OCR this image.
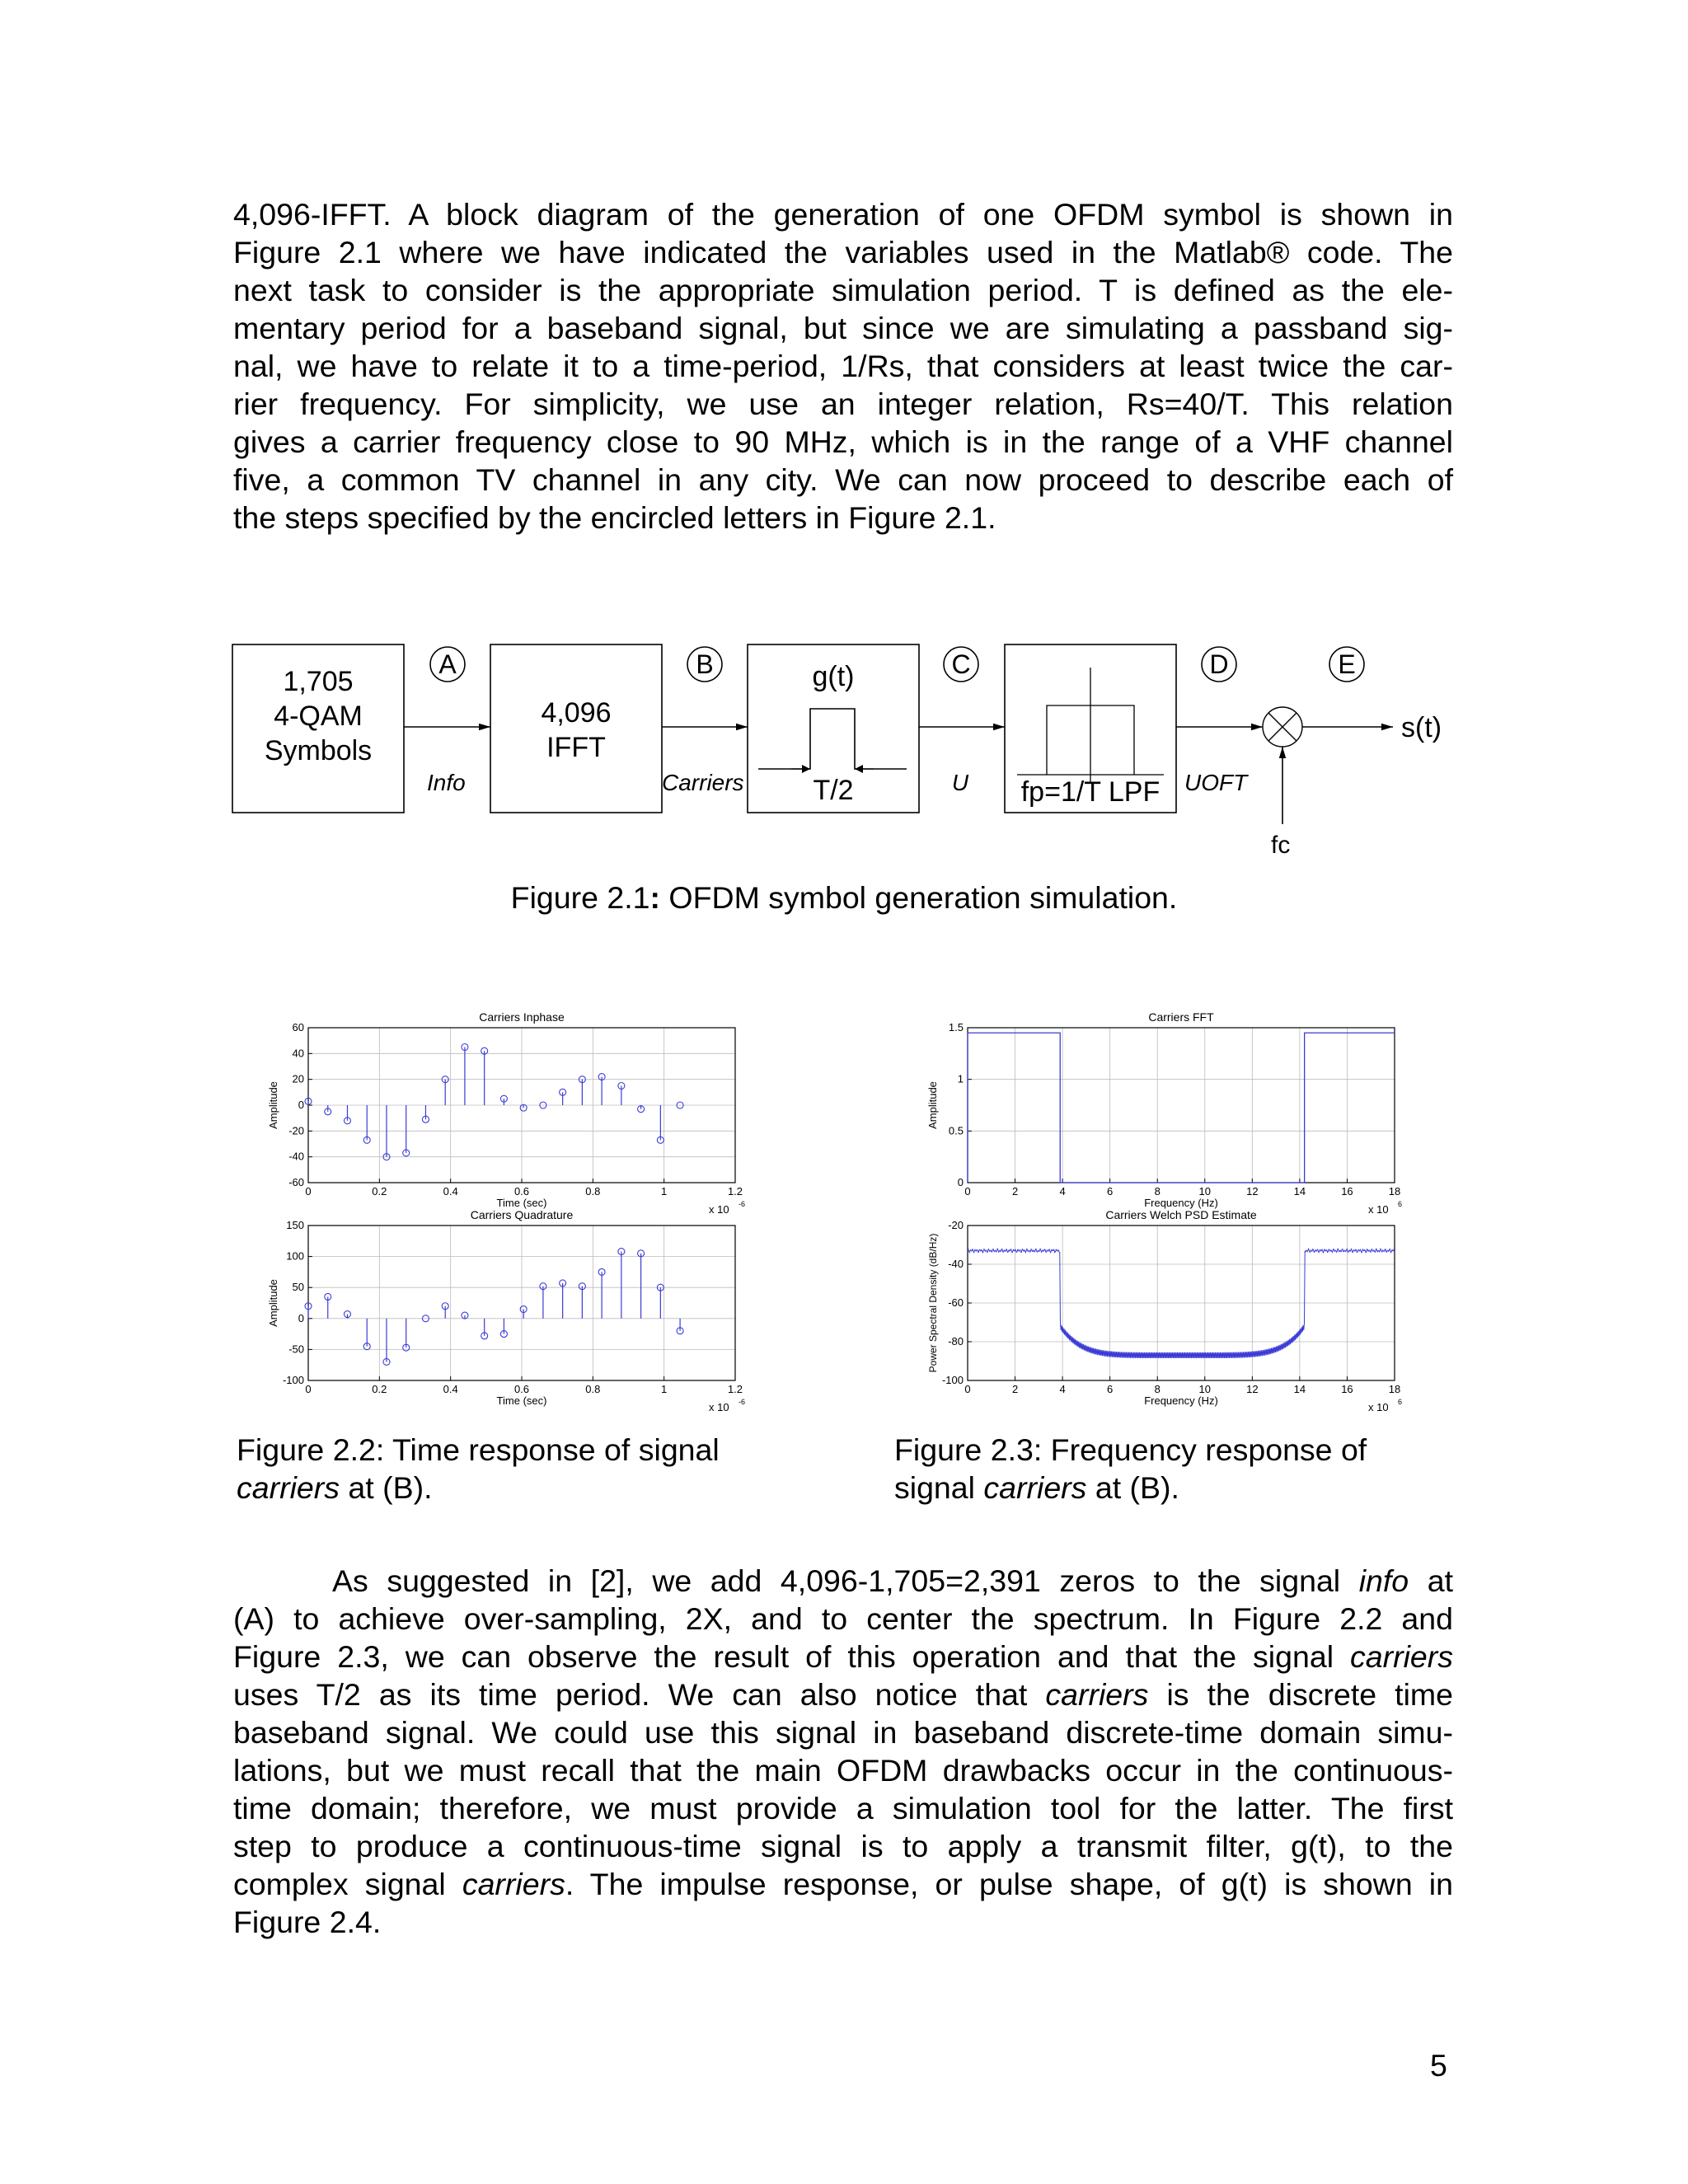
4,096-IFFT. A block diagram of the generation of one OFDM symbol is shown in
Figure 2.1 where we have indicated the variables used in the Matlab® code. The
next task to consider is the appropriate simulation period. T is defined as the ele-
mentary period for a baseband signal, but since we are simulating a passband sig-
nal, we have to relate it to a time-period, 1/Rs, that considers at least twice the car-
rier frequency. For simplicity, we use an integer relation, Rs=40/T. This relation
gives a carrier frequency close to 90 MHz, which is in the range of a VHF channel
five, a common TV channel in any city. We can now proceed to describe each of
the steps specified by the encircled letters in Figure 2.1.

A	B	C	D	E
1,705
4-QAM
Symbols
4,096
IFFT
g(t)
T/2	fp=1/T LPF
Info	Carriers	U	UOFT
fc
s(t)

Figure 2.1: OFDM symbol generation simulation.

0	0.2	0.4	0.6	0.8	1	1.2
-60
-40
-20
0
20
40
60
Carriers Inphase
Time (sec)
x 10 -6
Amplitude
0	0.2	0.4	0.6	0.8	1	1.2
-100
-50
0
50
100
150
Carriers Quadrature
Time (sec)
x 10 -6
Amplitude
0	2	4	6	8	10	12	14	16	18
0
0.5
1
1.5
Carriers FFT
Frequency (Hz)
x 10 6
Amplitude
0	2	4	6	8	10	12	14	16	18
-100
-80
-60
-40
-20
Carriers Welch PSD Estimate
Frequency (Hz)
x 10 6
Power Spectral Density (dB/Hz)

Figure 2.2: Time response of signal
carriers at (B).

Figure 2.3: Frequency response of
signal carriers at (B).

As suggested in [2], we add 4,096-1,705=2,391 zeros to the signal info at
(A) to achieve over-sampling, 2X, and to center the spectrum. In Figure 2.2 and
Figure 2.3, we can observe the result of this operation and that the signal carriers
uses T/2 as its time period. We can also notice that carriers is the discrete time
baseband signal. We could use this signal in baseband discrete-time domain simu-
lations, but we must recall that the main OFDM drawbacks occur in the continuous-
time domain; therefore, we must provide a simulation tool for the latter. The first
step to produce a continuous-time signal is to apply a transmit filter, g(t), to the
complex signal carriers. The impulse response, or pulse shape, of g(t) is shown in
Figure 2.4.

5
